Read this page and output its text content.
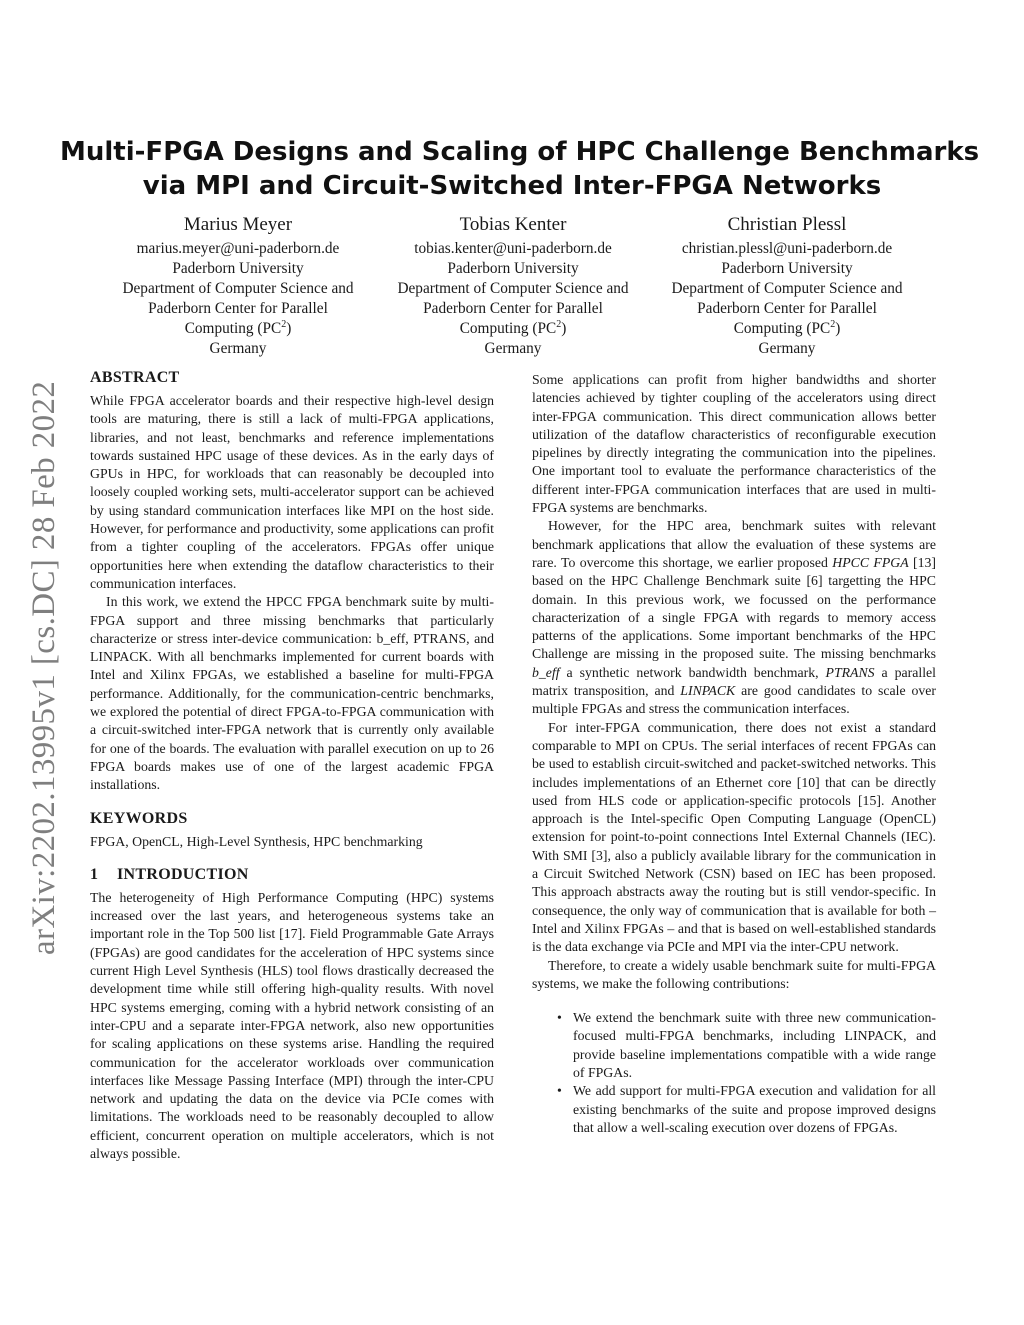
arXiv:2202.13995v1 [cs.DC] 28 Feb 2022
Multi-FPGA Designs and Scaling of HPC Challenge Benchmarks
via MPI and Circuit-Switched Inter-FPGA Networks
Marius Meyer
marius.meyer@uni-paderborn.de
Paderborn University
Department of Computer Science and
Paderborn Center for Parallel
Computing $(PC^2)$
Germany
Tobias Kenter
tobias.kenter@uni-paderborn.de
Paderborn University
Department of Computer Science and
Paderborn Center for Parallel
Computing $(PC^2)$
Germany
Christian Plessl
christian.plessl@uni-paderborn.de
Paderborn University
Department of Computer Science and
Paderborn Center for Parallel
Computing $(PC^2)$
Germany
ABSTRACT

While FPGA accelerator boards and their respective high-level design tools are maturing, there is still a lack of multi-FPGA applications, libraries, and not least, benchmarks and reference implementations towards sustained HPC usage of these devices. As in the early days of GPUs in HPC, for workloads that can reasonably be decoupled into loosely coupled working sets, multi-accelerator support can be achieved by using standard communication interfaces like MPI on the host side. However, for performance and productivity, some applications can profit from a tighter coupling of the accelerators. FPGAs offer unique opportunities here when extending the dataflow characteristics to their communication interfaces.

In this work, we extend the HPCC FPGA benchmark suite by multi-FPGA support and three missing benchmarks that particularly characterize or stress inter-device communication: b_eff, PTRANS, and LINPACK. With all benchmarks implemented for current boards with Intel and Xilinx FPGAs, we established a baseline for multi-FPGA performance. Additionally, for the communication-centric benchmarks, we explored the potential of direct FPGA-to-FPGA communication with a circuit-switched inter-FPGA network that is currently only available for one of the boards. The evaluation with parallel execution on up to 26 FPGA boards makes use of one of the largest academic FPGA installations.

KEYWORDS

FPGA, OpenCL, High-Level Synthesis, HPC benchmarking

1 INTRODUCTION

The heterogeneity of High Performance Computing (HPC) systems increased over the last years, and heterogeneous systems take an important role in the Top 500 list [17]. Field Programmable Gate Arrays (FPGAs) are good candidates for the acceleration of HPC systems since current High Level Synthesis (HLS) tool flows drastically decreased the development time while still offering high-quality results. With novel HPC systems emerging, coming with a hybrid network consisting of an inter-CPU and a separate inter-FPGA network, also new opportunities for scaling applications on these systems arise. Handling the required communication for the accelerator workloads over communication interfaces like Message Passing Interface (MPI) through the inter-CPU network and updating the data on the device via PCIe comes with limitations. The workloads need to be reasonably decoupled to allow efficient, concurrent operation on multiple accelerators, which is not always possible.

Some applications can profit from higher bandwidths and shorter latencies achieved by tighter coupling of the accelerators using direct inter-FPGA communication. This direct communication allows better utilization of the dataflow characteristics of reconfigurable execution pipelines by directly integrating the communication into the pipelines. One important tool to evaluate the performance characteristics of the different inter-FPGA communication interfaces that are used in multi-FPGA systems are benchmarks.

However, for the HPC area, benchmark suites with relevant benchmark applications that allow the evaluation of these systems are rare. To overcome this shortage, we earlier proposed HPCC FPGA [13] based on the HPC Challenge Benchmark suite [6] targetting the HPC domain. In this previous work, we focussed on the performance characterization of a single FPGA with regards to memory access patterns of the applications. Some important benchmarks of the HPC Challenge are missing in the proposed suite. The missing benchmarks b_eff a synthetic network bandwidth benchmark, PTRANS a parallel matrix transposition, and LINPACK are good candidates to scale over multiple FPGAs and stress the communication interfaces.

For inter-FPGA communication, there does not exist a standard comparable to MPI on CPUs. The serial interfaces of recent FPGAs can be used to establish circuit-switched and packet-switched networks. This includes implementations of an Ethernet core [10] that can be directly used from HLS code or application-specific protocols [15]. Another approach is the Intel-specific Open Computing Language (OpenCL) extension for point-to-point connections Intel External Channels (IEC). With SMI [3], also a publicly available library for the communication in a Circuit Switched Network (CSN) based on IEC has been proposed. This approach abstracts away the routing but is still vendor-specific. In consequence, the only way of communication that is available for both – Intel and Xilinx FPGAs – and that is based on well-established standards is the data exchange via PCIe and MPI via the inter-CPU network.

Therefore, to create a widely usable benchmark suite for multi-FPGA systems, we make the following contributions:

• We extend the benchmark suite with three new communication-focused multi-FPGA benchmarks, including LINPACK, and provide baseline implementations compatible with a wide range of FPGAs.
• We add support for multi-FPGA execution and validation for all existing benchmarks of the suite and propose improved designs that allow a well-scaling execution over dozens of FPGAs.
